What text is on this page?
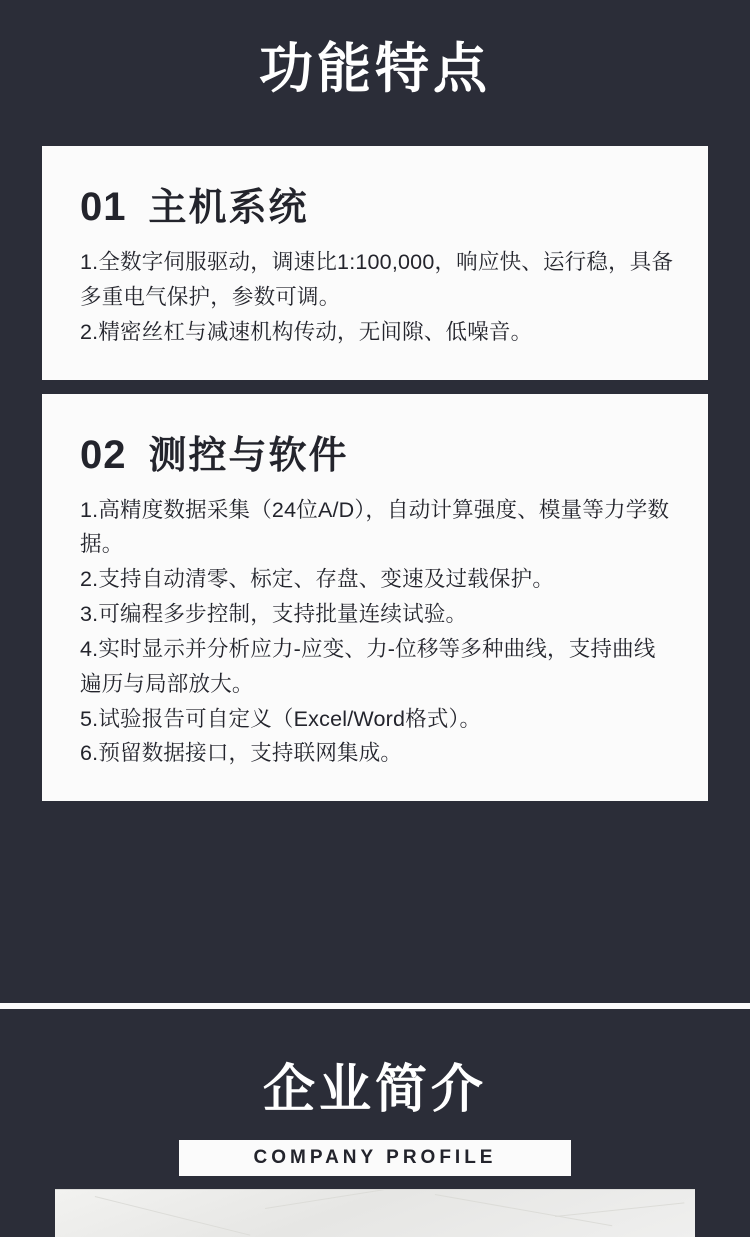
功能特点
01 主机系统
1.全数字伺服驱动，调速比1:100,000，响应快、运行稳，具备多重电气保护，参数可调。
2.精密丝杠与减速机构传动，无间隙、低噪音。
02 测控与软件
1.高精度数据采集（24位A/D），自动计算强度、模量等力学数据。
2.支持自动清零、标定、存盘、变速及过载保护。
3.可编程多步控制，支持批量连续试验。
4.实时显示并分析应力-应变、力-位移等多种曲线，支持曲线遍历与局部放大。
5.试验报告可自定义（Excel/Word格式）。
6.预留数据接口，支持联网集成。
企业简介
COMPANY PROFILE
